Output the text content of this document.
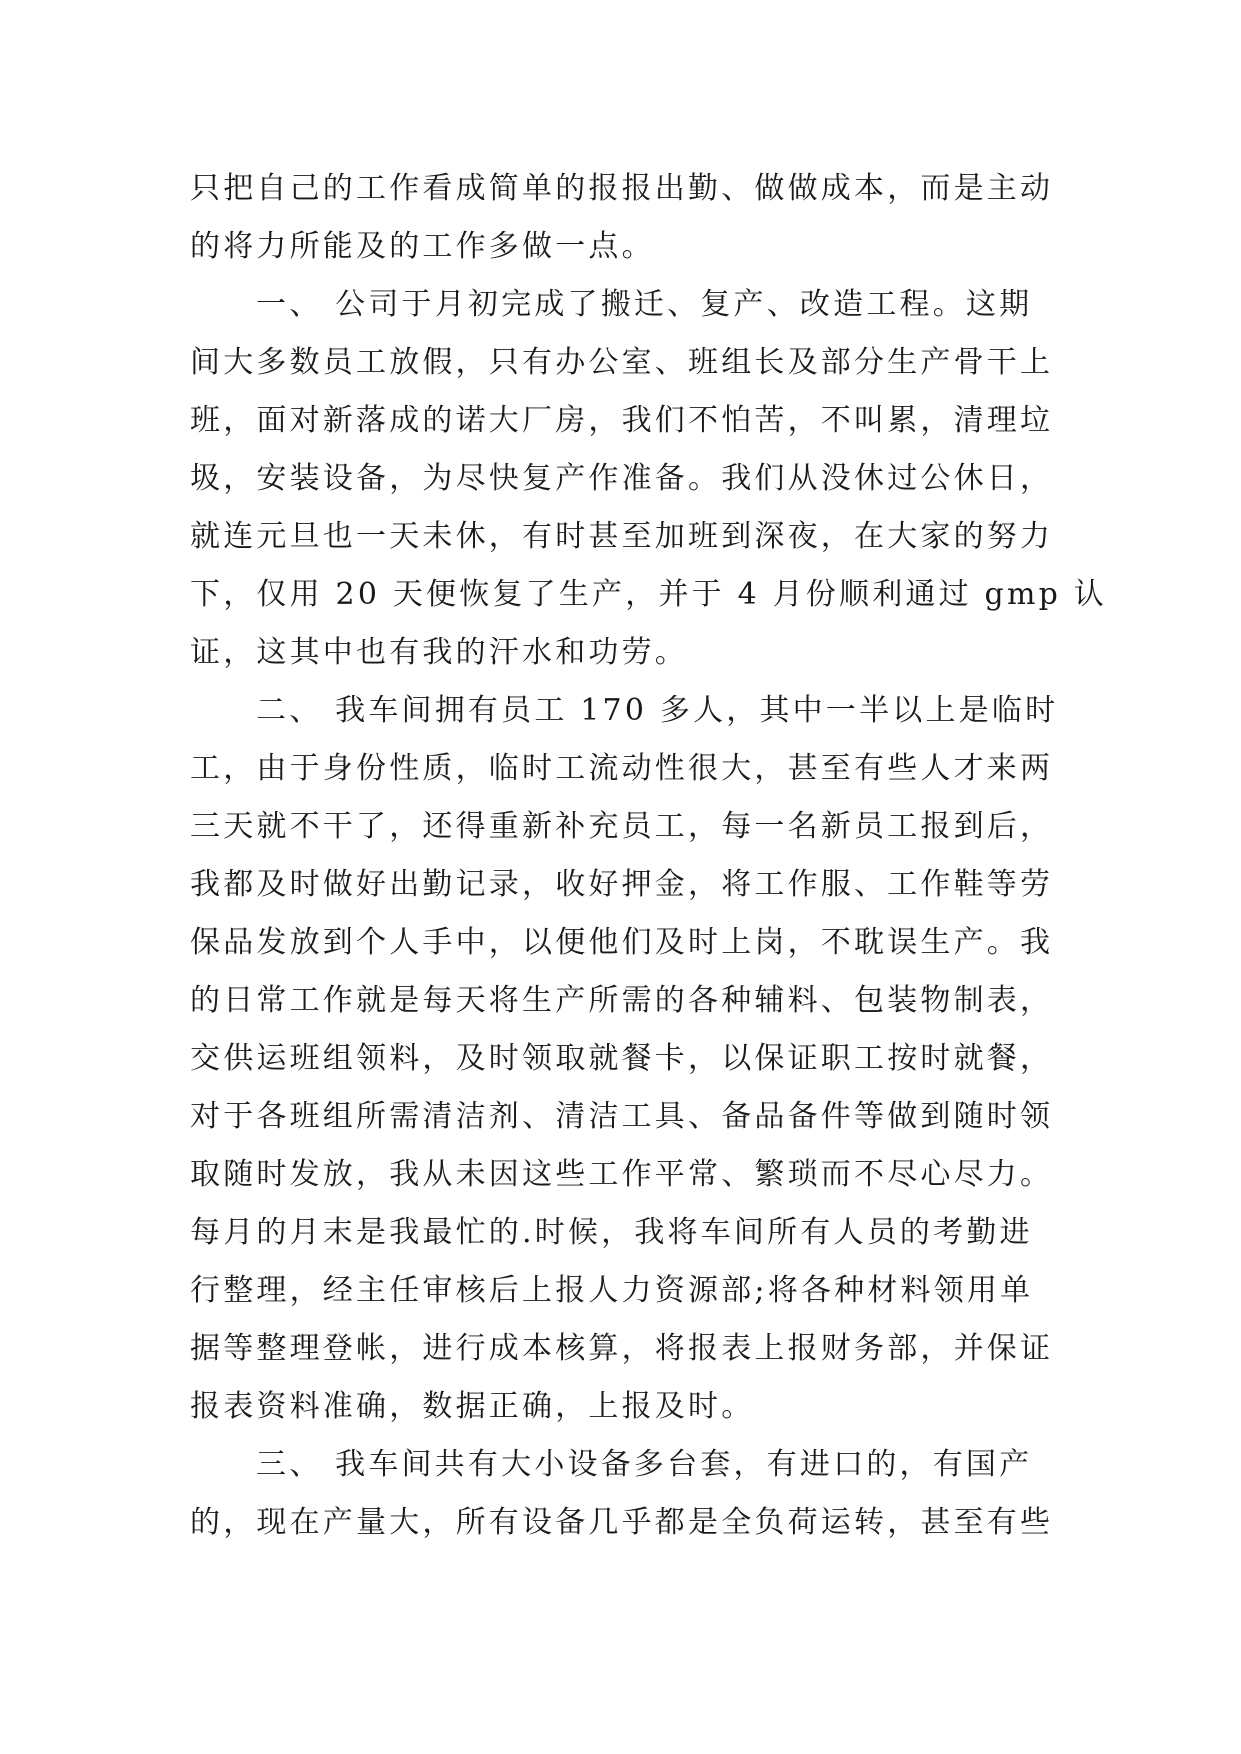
只把自己的工作看成简单的报报出勤、做做成本，而是主动
的将力所能及的工作多做一点。
一、 公司于月初完成了搬迁、复产、改造工程。这期
间大多数员工放假，只有办公室、班组长及部分生产骨干上
班，面对新落成的诺大厂房，我们不怕苦，不叫累，清理垃
圾，安装设备，为尽快复产作准备。我们从没休过公休日，
就连元旦也一天未休，有时甚至加班到深夜，在大家的努力
下，仅用 20 天便恢复了生产，并于 4 月份顺利通过 gmp 认
证，这其中也有我的汗水和功劳。
二、 我车间拥有员工 170 多人，其中一半以上是临时
工，由于身份性质，临时工流动性很大，甚至有些人才来两
三天就不干了，还得重新补充员工，每一名新员工报到后，
我都及时做好出勤记录，收好押金，将工作服、工作鞋等劳
保品发放到个人手中，以便他们及时上岗，不耽误生产。我
的日常工作就是每天将生产所需的各种辅料、包装物制表，
交供运班组领料，及时领取就餐卡，以保证职工按时就餐，
对于各班组所需清洁剂、清洁工具、备品备件等做到随时领
取随时发放，我从未因这些工作平常、繁琐而不尽心尽力。
每月的月末是我最忙的.时候，我将车间所有人员的考勤进
行整理，经主任审核后上报人力资源部;将各种材料领用单
据等整理登帐，进行成本核算，将报表上报财务部，并保证
报表资料准确，数据正确，上报及时。
三、 我车间共有大小设备多台套，有进口的，有国产
的，现在产量大，所有设备几乎都是全负荷运转，甚至有些
